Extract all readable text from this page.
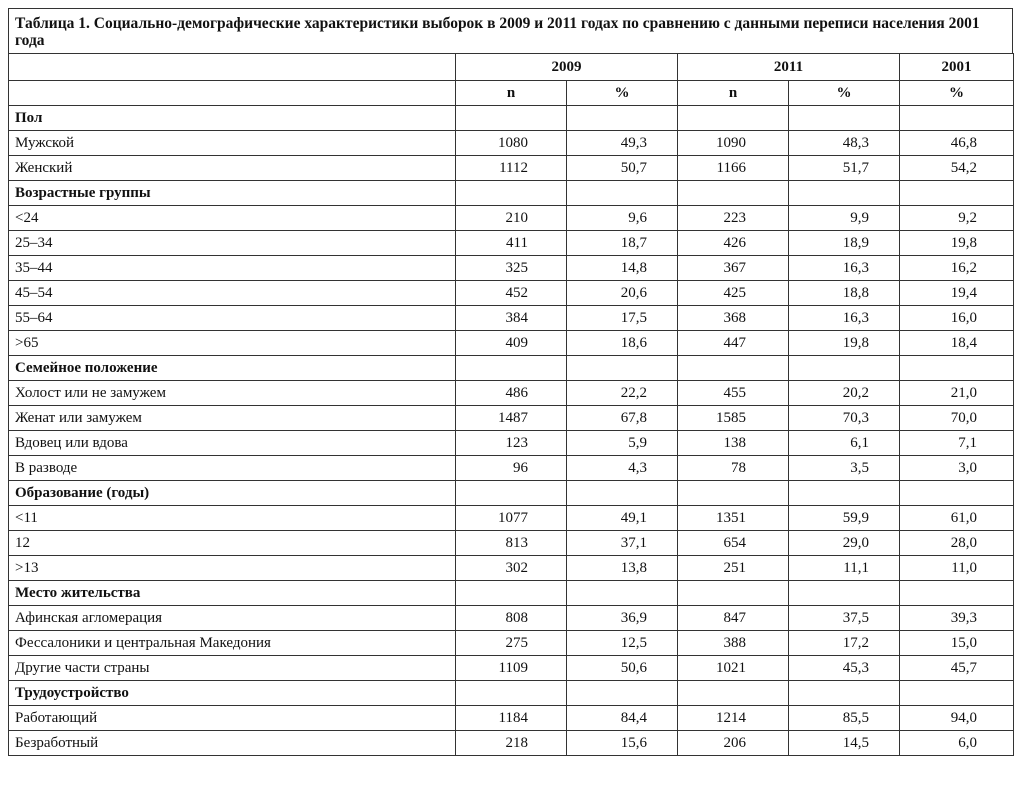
Таблица 1. Социально-демографические характеристики выборок в 2009 и 2011 годах по сравнению с данными переписи населения 2001 года
	2009		2011		2001
	n	%	n	%	%
Пол					
Мужской	1080	49,3	1090	48,3	46,8
Женский	1112	50,7	1166	51,7	54,2
Возрастные группы					
<24	210	9,6	223	9,9	9,2
25–34	411	18,7	426	18,9	19,8
35–44	325	14,8	367	16,3	16,2
45–54	452	20,6	425	18,8	19,4
55–64	384	17,5	368	16,3	16,0
>65	409	18,6	447	19,8	18,4
Семейное положение					
Холост или не замужем	486	22,2	455	20,2	21,0
Женат или замужем	1487	67,8	1585	70,3	70,0
Вдовец или вдова	123	5,9	138	6,1	7,1
В разводе	96	4,3	78	3,5	3,0
Образование (годы)					
<11	1077	49,1	1351	59,9	61,0
12	813	37,1	654	29,0	28,0
>13	302	13,8	251	11,1	11,0
Место жительства					
Афинская агломерация	808	36,9	847	37,5	39,3
Фессалоники и центральная Македония	275	12,5	388	17,2	15,0
Другие части страны	1109	50,6	1021	45,3	45,7
Трудоустройство					
Работающий	1184	84,4	1214	85,5	94,0
Безработный	218	15,6	206	14,5	6,0
